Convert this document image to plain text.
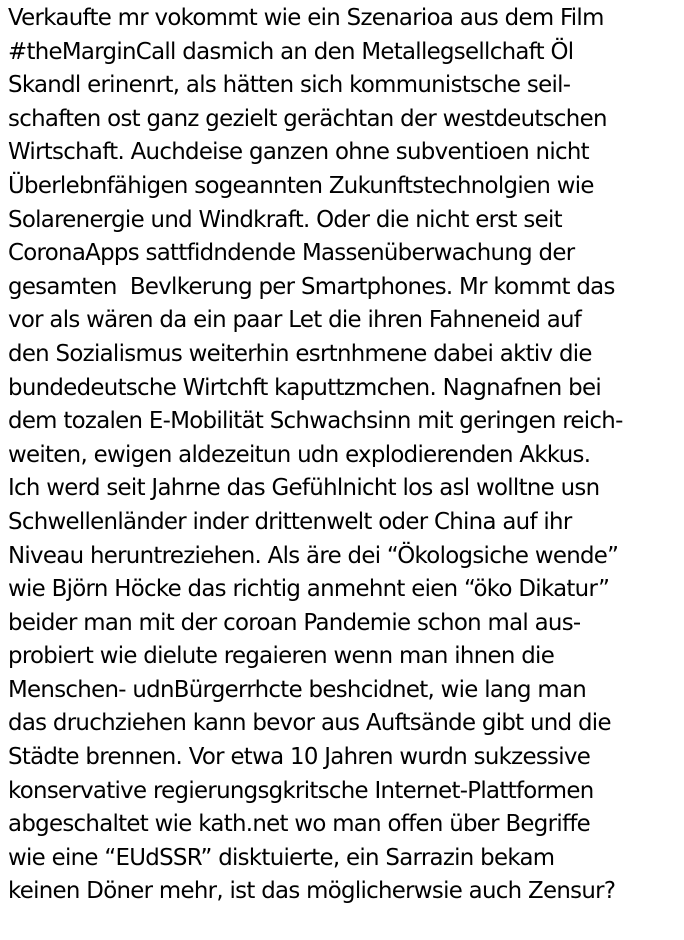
Verkaufte mr vokommt wie ein Szenarioa aus dem Film
#theMarginCall dasmich an den Metallegsellchaft Öl
Skandl erinenrt, als hätten sich kommunistsche seil-
schaften ost ganz gezielt gerächtan der westdeutschen
Wirtschaft. Auchdeise ganzen ohne subventioen nicht
Überlebnfähigen sogeannten Zukunftstechnolgien wie
Solarenergie und Windkraft. Oder die nicht erst seit
CoronaApps sattfidndende Massenüberwachung der
gesamten  Bevlkerung per Smartphones. Mr kommt das
vor als wären da ein paar Let die ihren Fahneneid auf
den Sozialismus weiterhin esrtnhmene dabei aktiv die
bundedeutsche Wirtchft kaputtzmchen. Nagnafnen bei
dem tozalen E-Mobilität Schwachsinn mit geringen reich-
weiten, ewigen aldezeitun udn explodierenden Akkus.
Ich werd seit Jahrne das Gefühlnicht los asl wolltne usn
Schwellenländer inder drittenwelt oder China auf ihr
Niveau heruntreziehen. Als äre dei “Ökologsiche wende”
wie Björn Höcke das richtig anmehnt eien “öko Dikatur”
beider man mit der coroan Pandemie schon mal aus-
probiert wie dielute regaieren wenn man ihnen die
Menschen- udnBürgerrhcte beshcidnet, wie lang man
das druchziehen kann bevor aus Auftsände gibt und die
Städte brennen. Vor etwa 10 Jahren wurdn sukzessive
konservative regierungsgkritsche Internet-Plattformen
abgeschaltet wie kath.net wo man offen über Begriffe
wie eine “EUdSSR” disktuierte, ein Sarrazin bekam
keinen Döner mehr, ist das möglicherwsie auch Zensur?
